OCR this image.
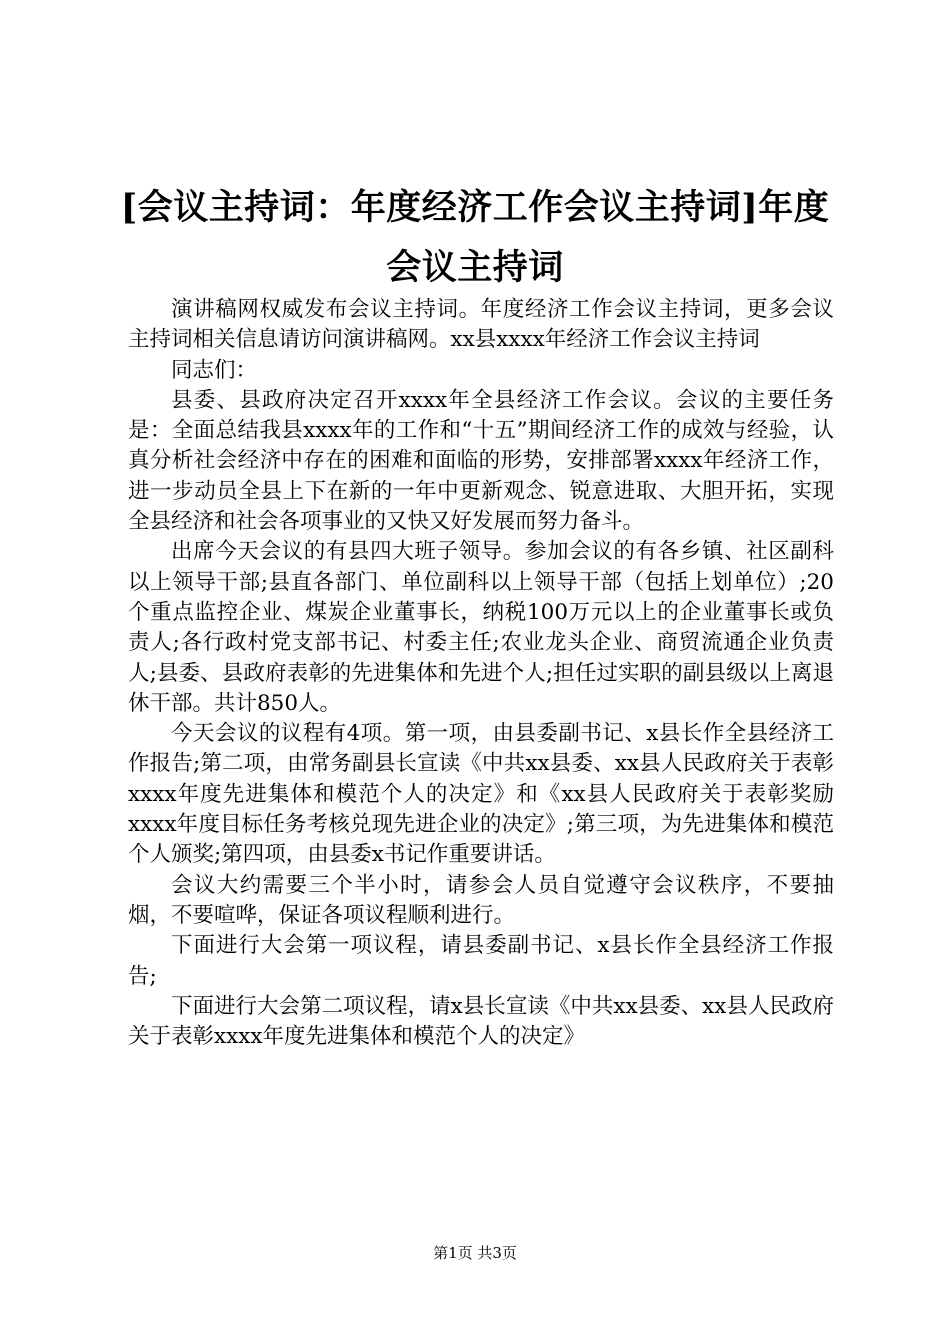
[会议主持词：年度经济工作会议主持词]年度会议主持词

演讲稿网权威发布会议主持词。年度经济工作会议主持词，更多会议主持词相关信息请访问演讲稿网。xx县xxxx年经济工作会议主持词

同志们：

县委、县政府决定召开xxxx年全县经济工作会议。会议的主要任务是：全面总结我县xxxx年的工作和“十五”期间经济工作的成效与经验，认真分析社会经济中存在的困难和面临的形势，安排部署xxxx年经济工作，进一步动员全县上下在新的一年中更新观念、锐意进取、大胆开拓，实现全县经济和社会各项事业的又快又好发展而努力备斗。

出席今天会议的有县四大班子领导。参加会议的有各乡镇、社区副科以上领导干部;县直各部门、单位副科以上领导干部（包括上划单位）;20个重点监控企业、煤炭企业董事长，纳税100万元以上的企业董事长或负责人;各行政村党支部书记、村委主任;农业龙头企业、商贸流通企业负责人;县委、县政府表彰的先进集体和先进个人;担任过实职的副县级以上离退休干部。共计850人。

今天会议的议程有4项。第一项，由县委副书记、x县长作全县经济工作报告;第二项，由常务副县长宣读《中共xx县委、xx县人民政府关于表彰xxxx年度先进集体和模范个人的决定》和《xx县人民政府关于表彰奖励xxxx年度目标任务考核兑现先进企业的决定》;第三项，为先进集体和模范个人颁奖;第四项，由县委x书记作重要讲话。

会议大约需要三个半小时，请参会人员自觉遵守会议秩序，不要抽烟，不要喧哗，保证各项议程顺利进行。

下面进行大会第一项议程，请县委副书记、x县长作全县经济工作报告;

下面进行大会第二项议程，请x县长宣读《中共xx县委、xx县人民政府关于表彰xxxx年度先进集体和模范个人的决定》

第1页 共3页
